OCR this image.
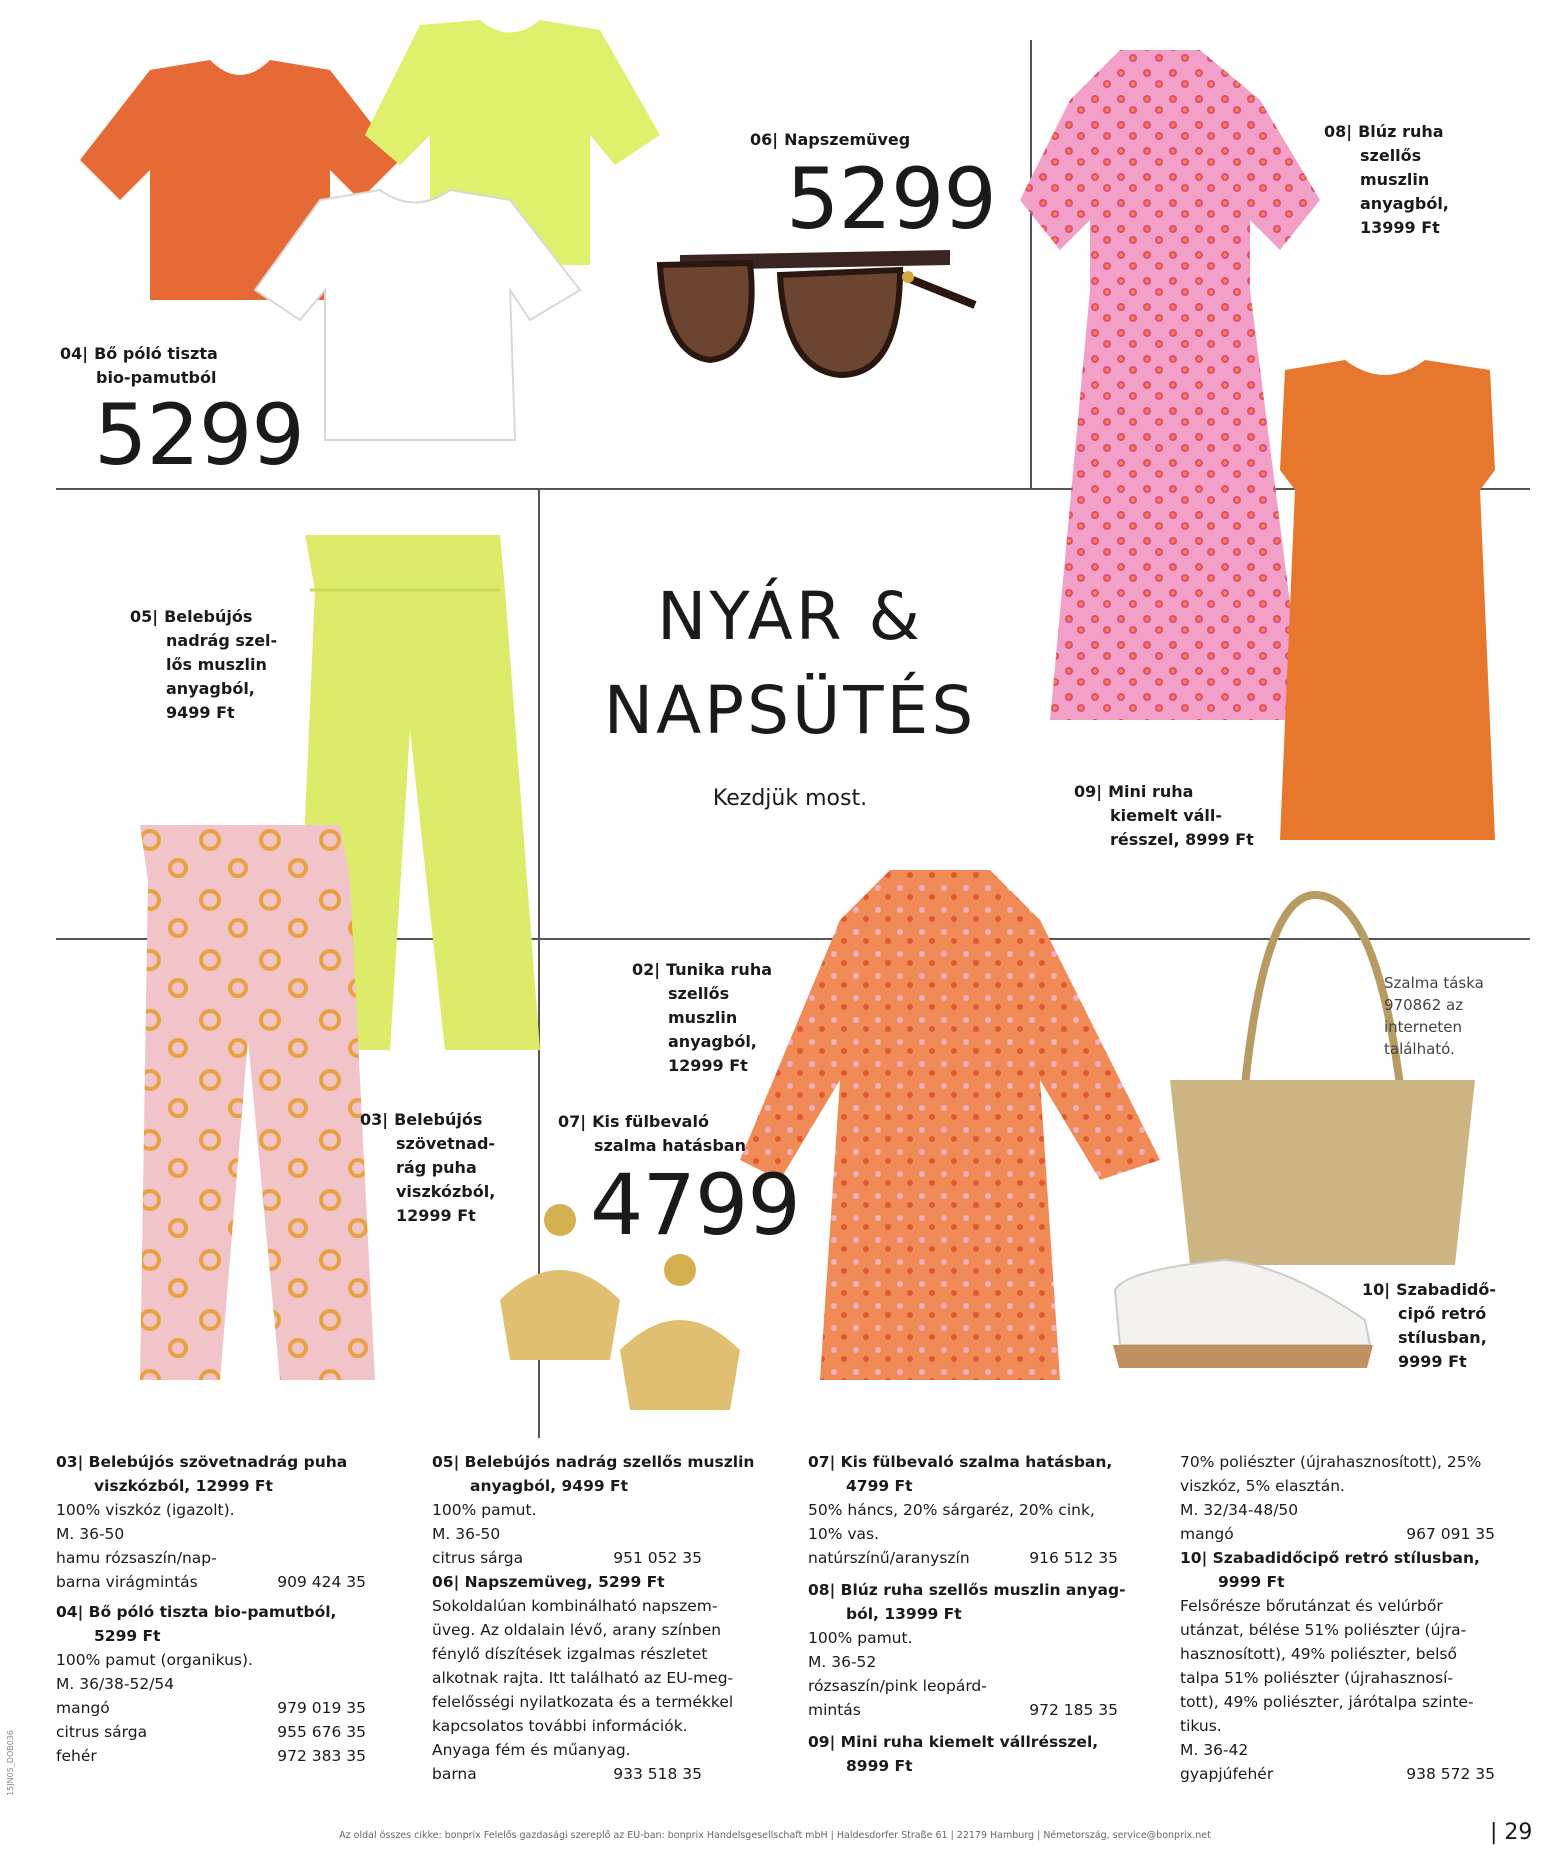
04| Bő póló tiszta
bio-pamutból
5299
06| Napszemüveg
5299
08| Blúz ruha
szellős
muszlin
anyagból,
13999 Ft
05| Belebújós
nadrág szel-
lős muszlin
anyagból,
9499 Ft
NYÁR &
NAPSÜTÉS
Kezdjük most.	09| Mini ruha
kiemelt váll-
résszel, 8999 Ft
02| Tunika ruha
szellős
muszlin
anyagból,
12999 Ft
03| Belebújós
szövetnad-
rág puha
viszkózból,
12999 Ft
07| Kis fülbevaló
szalma hatásban
4799
Szalma táska
970862 az
interneten
található.
10| Szabadidő-
cipő retró
stílusban,
9999 Ft
03| Belebújós szövetnadrág puha
viszkózból, 12999 Ft
100% viszkóz (igazolt).
M. 36-50
hamu rózsaszín/nap-
barna virágmintás	909 424 35
04| Bő póló tiszta bio-pamutból,
5299 Ft
100% pamut (organikus).
M. 36/38-52/54
mangó	979 019 35
citrus sárga	955 676 35
fehér	972 383 35
05| Belebújós nadrág szellős muszlin
anyagból, 9499 Ft
100% pamut.
M. 36-50
citrus sárga	951 052 35
06| Napszemüveg, 5299 Ft
Sokoldalúan kombinálható napszem-
üveg. Az oldalain lévő, arany színben
fénylő díszítések izgalmas részletet
alkotnak rajta. Itt található az EU-meg-
felelősségi nyilatkozata és a termékkel
kapcsolatos további információk.
Anyaga fém és műanyag.
barna	933 518 35
07| Kis fülbevaló szalma hatásban,
4799 Ft
50% háncs, 20% sárgaréz, 20% cink,
10% vas.
natúrszínű/aranyszín	916 512 35
08| Blúz ruha szellős muszlin anyag-
ból, 13999 Ft
100% pamut.
M. 36-52
rózsaszín/pink leopárd-
mintás	972 185 35
09| Mini ruha kiemelt vállrésszel,
8999 Ft
70% poliészter (újrahasznosított), 25%
viszkóz, 5% elasztán.
M. 32/34-48/50
mangó	967 091 35
10| Szabadidőcipő retró stílusban,
9999 Ft
Felsőrésze bőrutánzat és velúrbőr
utánzat, bélése 51% poliészter (újra-
hasznosított), 49% poliészter, belső
talpa 51% poliészter (újrahasznosí-
tott), 49% poliészter, járótalpa szinte-
tikus.
M. 36-42
gyapjúfehér	938 572 35
Az oldal összes cikke: bonprix Felelős gazdasági szereplő az EU-ban: bonprix Handelsgesellschaft mbH | Haldesdorfer Straße 61 | 22179 Hamburg | Németország, service@bonprix.net	| 29
15JN05_DOB036
